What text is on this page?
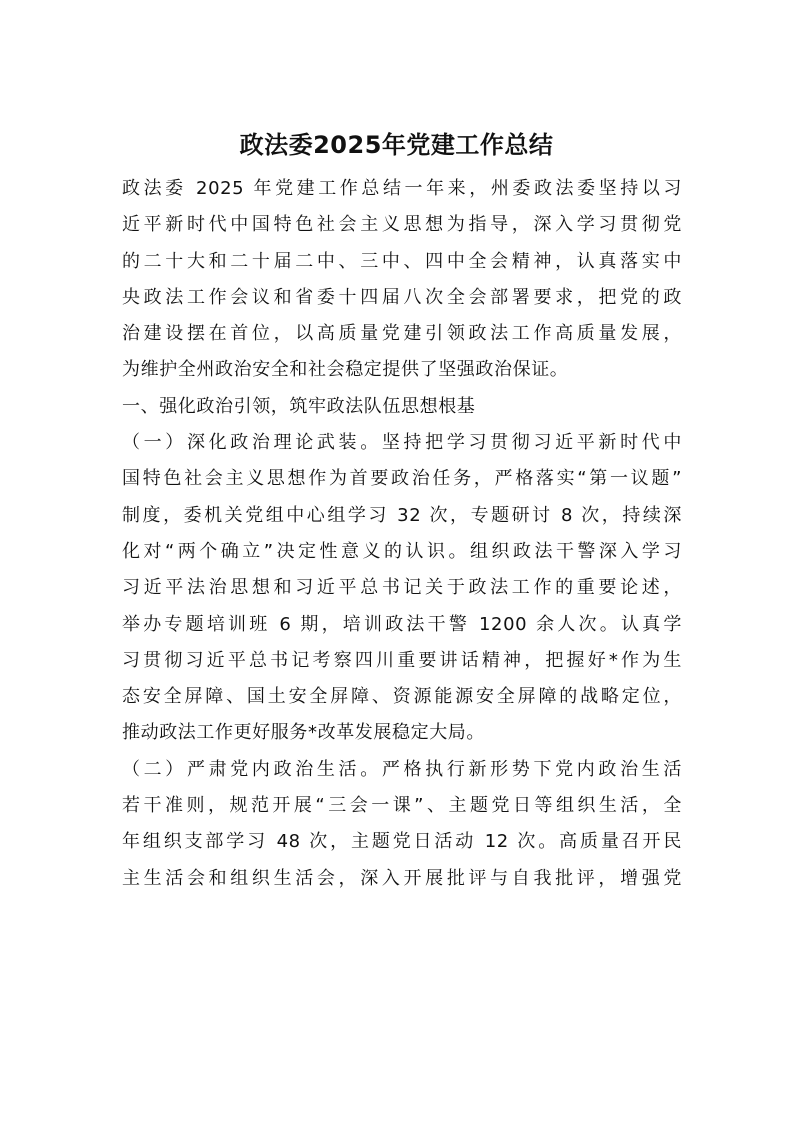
政法委2025年党建工作总结
政法委 2025 年党建工作总结一年来，州委政法委坚持以习
近平新时代中国特色社会主义思想为指导，深入学习贯彻党
的二十大和二十届二中、三中、四中全会精神，认真落实中
央政法工作会议和省委十四届八次全会部署要求，把党的政
治建设摆在首位，以高质量党建引领政法工作高质量发展，
为维护全州政治安全和社会稳定提供了坚强政治保证。
一、强化政治引领，筑牢政法队伍思想根基
（一）深化政治理论武装。坚持把学习贯彻习近平新时代中
国特色社会主义思想作为首要政治任务，严格落实“第一议题”
制度，委机关党组中心组学习 32 次，专题研讨 8 次，持续深
化对“两个确立”决定性意义的认识。组织政法干警深入学习
习近平法治思想和习近平总书记关于政法工作的重要论述，
举办专题培训班 6 期，培训政法干警 1200 余人次。认真学
习贯彻习近平总书记考察四川重要讲话精神，把握好*作为生
态安全屏障、国土安全屏障、资源能源安全屏障的战略定位，
推动政法工作更好服务*改革发展稳定大局。
（二）严肃党内政治生活。严格执行新形势下党内政治生活
若干准则，规范开展“三会一课”、主题党日等组织生活，全
年组织支部学习 48 次，主题党日活动 12 次。高质量召开民
主生活会和组织生活会，深入开展批评与自我批评，增强党
